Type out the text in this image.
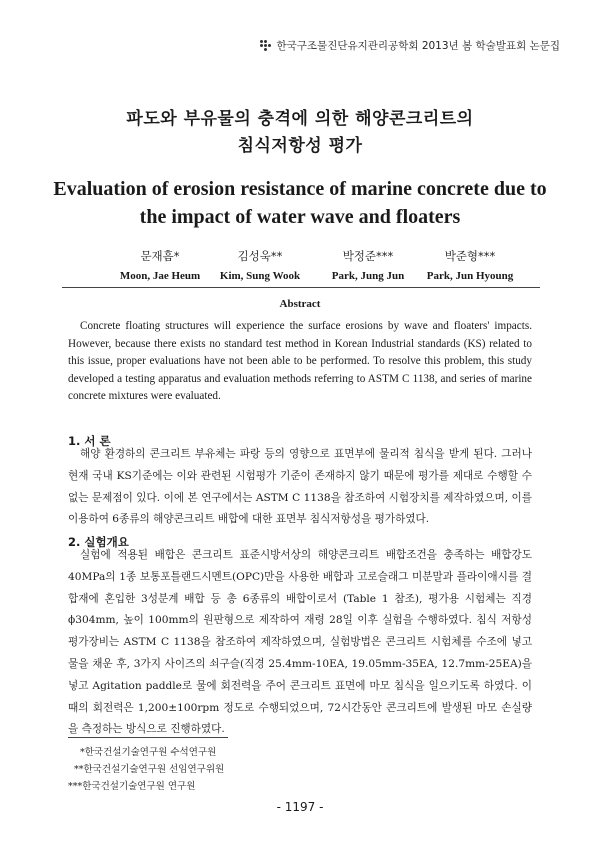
한국구조물진단유지관리공학회 2013년 봄 학술발표회 논문집
파도와 부유물의 충격에 의한 해양콘크리트의
침식저항성 평가
Evaluation of erosion resistance of marine concrete due to
the impact of water wave and floaters
문재흠*
Moon, Jae Heum
김성욱**
Kim, Sung Wook
박정준***
Park, Jung Jun
박준형***
Park, Jun Hyoung
Abstract

Concrete floating structures will experience the surface erosions by wave and floaters' impacts. However, because there exists no standard test method in Korean Industrial standards (KS) related to this issue, proper evaluations have not been able to be performed. To resolve this problem, this study developed a testing apparatus and evaluation methods referring to ASTM C 1138, and series of marine concrete mixtures were evaluated.

1. 서 론

해양 환경하의 콘크리트 부유체는 파랑 등의 영향으로 표면부에 물리적 침식을 받게 된다. 그러나 현재 국내 KS기준에는 이와 관련된 시험평가 기준이 존재하지 않기 때문에 평가를 제대로 수행할 수 없는 문제점이 있다. 이에 본 연구에서는 ASTM C 1138을 참조하여 시험장치를 제작하였으며, 이를 이용하여 6종류의 해양콘크리트 배합에 대한 표면부 침식저항성을 평가하였다.

2. 실험개요

실험에 적용된 배합은 콘크리트 표준시방서상의 해양콘크리트 배합조건을 충족하는 배합강도 40MPa의 1종 보통포틀랜드시멘트(OPC)만을 사용한 배합과 고로슬래그 미분말과 플라이애시를 결합재에 혼입한 3성분계 배합 등 총 6종류의 배합이로서 (Table 1 참조), 평가용 시험체는 직경 ϕ304mm, 높이 100mm의 원판형으로 제작하여 재령 28일 이후 실험을 수행하였다. 침식 저항성 평가장비는 ASTM C 1138을 참조하여 제작하였으며, 실험방법은 콘크리트 시험체를 수조에 넣고 물을 채운 후, 3가지 사이즈의 쇠구슬(직경 25.4mm-10EA, 19.05mm-35EA, 12.7mm-25EA)을 넣고 Agitation paddle로 물에 회전력을 주어 콘크리트 표면에 마모 침식을 일으키도록 하였다. 이때의 회전력은 1,200±100rpm 정도로 수행되었으며, 72시간동안 콘크리트에 발생된 마모 손실량을 측정하는 방식으로 진행하였다.

*한국건설기술연구원 수석연구원
**한국건설기술연구원 선임연구위원
***한국건설기술연구원 연구원
- 1197 -
